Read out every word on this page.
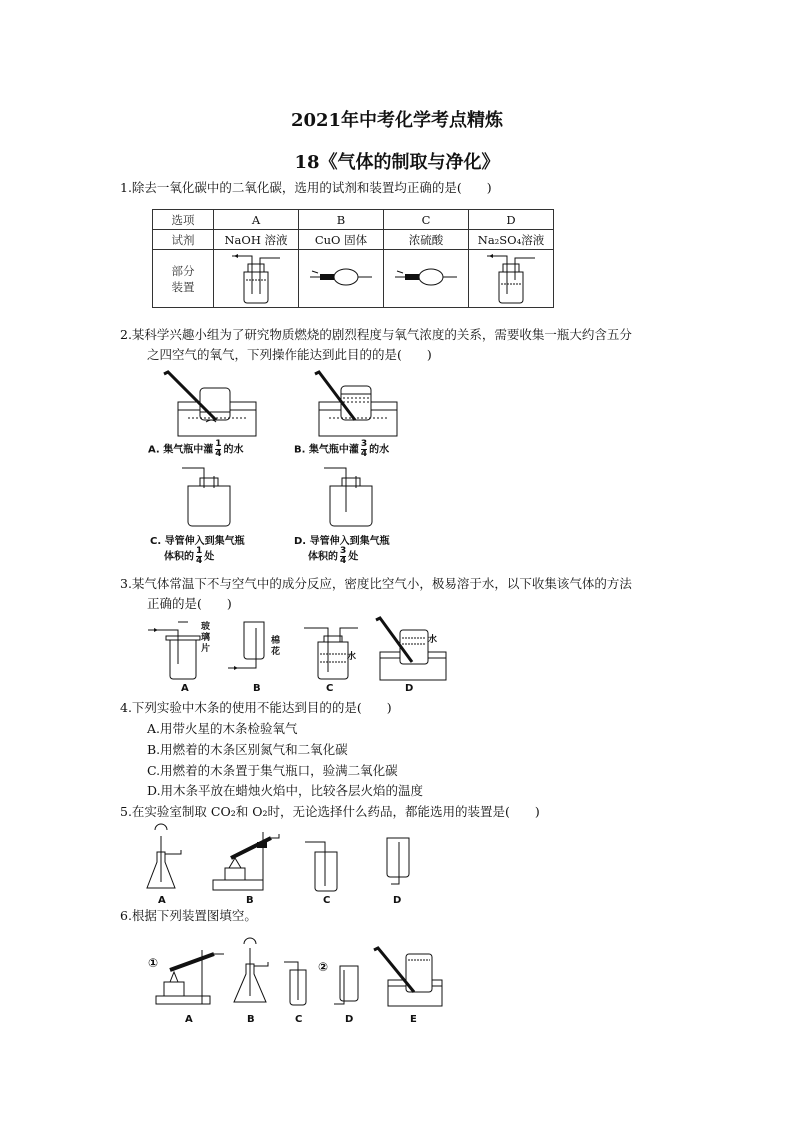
2021年中考化学考点精炼
18《气体的制取与净化》
1.除去一氧化碳中的二氧化碳，选用的试剂和装置均正确的是(　　)
选项	A	B	C	D
试剂	NaOH 溶液	CuO 固体	浓硫酸	Na₂SO₄溶液

部分
装置

2.某科学兴趣小组为了研究物质燃烧的剧烈程度与氧气浓度的关系，需要收集一瓶大约含五分
之四空气的氧气，下列操作能达到此目的的是(　　)
A. 集气瓶中灌 $\frac{1}{4}$ 的水	B. 集气瓶中灌 $\frac{3}{4}$ 的水
C. 导管伸入到集气瓶
体积的 $\frac{1}{4}$ 处
D. 导管伸入到集气瓶
体积的 $\frac{3}{4}$ 处
3.某气体常温下不与空气中的成分反应，密度比空气小，极易溶于水，以下收集该气体的方法
正确的是(　　)
玻
璃
片
棉
花	水
水
A	B	C	D
4.下列实验中木条的使用不能达到目的的是(　　)
A.用带火星的木条检验氧气
B.用燃着的木条区别氮气和二氧化碳
C.用燃着的木条置于集气瓶口，验满二氧化碳
D.用木条平放在蜡烛火焰中，比较各层火焰的温度
5.在实验室制取 CO₂和 O₂时，无论选择什么药品，都能选用的装置是(　　)
A	B	C	D
6.根据下列装置图填空。
①	②
A	B	C	D	E
